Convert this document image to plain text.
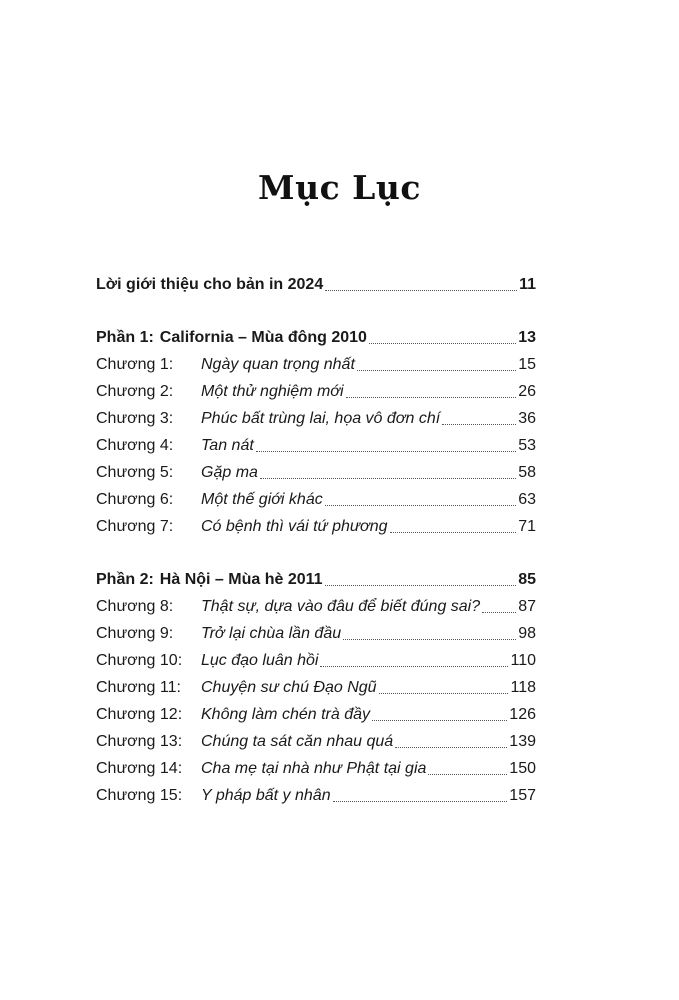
Mục Lục
Lời giới thiệu cho bản in 2024	11
Phần 1: California – Mùa đông 2010	13
Chương 1:	Ngày quan trọng nhất	15
Chương 2:	Một thử nghiệm mới	26
Chương 3:	Phúc bất trùng lai, họa vô đơn chí	36
Chương 4:	Tan nát	53
Chương 5:	Gặp ma	58
Chương 6:	Một thế giới khác	63
Chương 7:	Có bệnh thì vái tứ phương	71
Phần 2: Hà Nội – Mùa hè 2011	85
Chương 8:	Thật sự, dựa vào đâu để biết đúng sai? 87
Chương 9:	Trở lại chùa lần đầu	98
Chương 10:	Lục đạo luân hồi	110
Chương 11:	Chuyện sư chú Đạo Ngũ	118
Chương 12:	Không làm chén trà đầy	126
Chương 13:	Chúng ta sát căn nhau quá	139
Chương 14:	Cha mẹ tại nhà như Phật tại gia	150
Chương 15:	Y pháp bất y nhân	157
